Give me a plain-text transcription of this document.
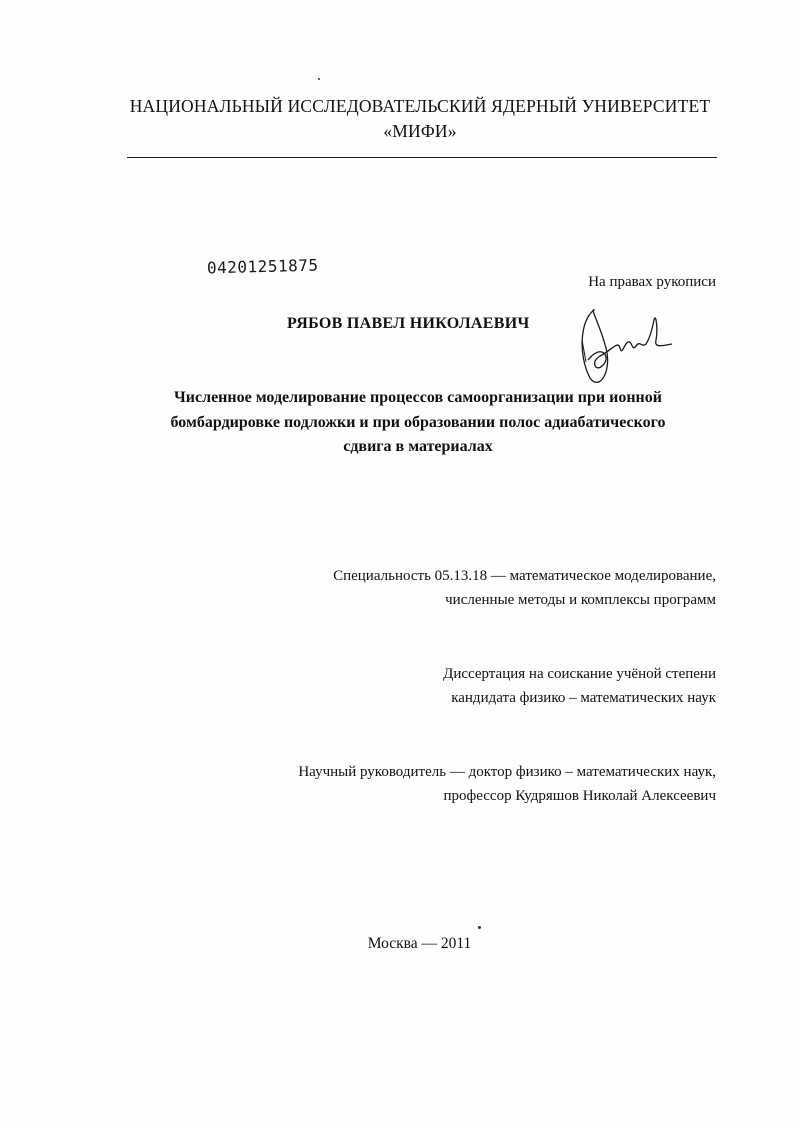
НАЦИОНАЛЬНЫЙ ИССЛЕДОВАТЕЛЬСКИЙ ЯДЕРНЫЙ УНИВЕРСИТЕТ
«МИФИ»
04201251875
На правах рукописи
РЯБОВ ПАВЕЛ НИКОЛАЕВИЧ
Численное моделирование процессов самоорганизации при ионной
бомбардировке подложки и при образовании полос адиабатического
сдвига в материалах
Специальность 05.13.18 — математическое моделирование,
численные методы и комплексы программ
Диссертация на соискание учёной степени
кандидата физико – математических наук
Научный руководитель — доктор физико – математических наук,
профессор Кудряшов Николай Алексеевич
Москва — 2011
